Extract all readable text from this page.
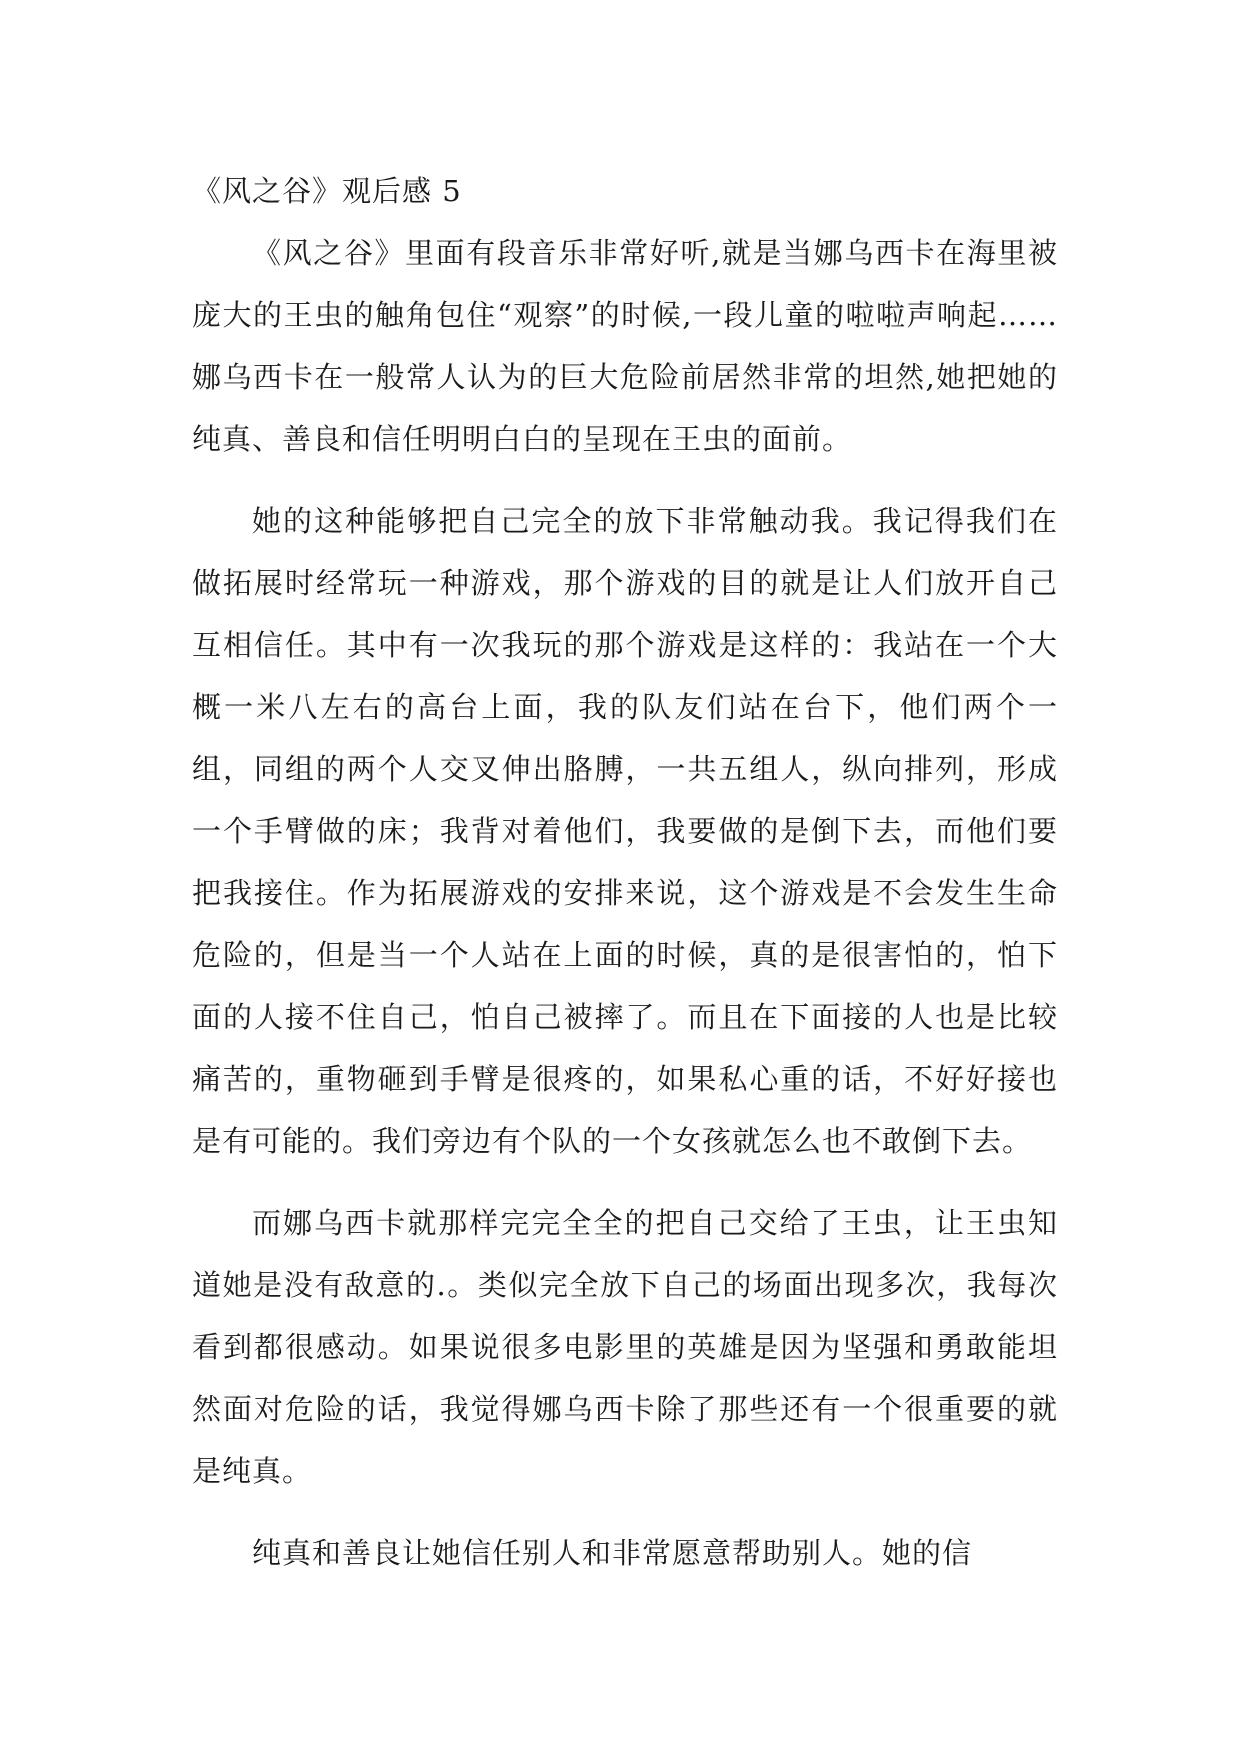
《风之谷》观后感 5

《风之谷》里面有段音乐非常好听,就是当娜乌西卡在海里被庞大的王虫的触角包住“观察”的时候,一段儿童的啦啦声响起……娜乌西卡在一般常人认为的巨大危险前居然非常的坦然,她把她的纯真、善良和信任明明白白的呈现在王虫的面前。

她的这种能够把自己完全的放下非常触动我。我记得我们在做拓展时经常玩一种游戏，那个游戏的目的就是让人们放开自己互相信任。其中有一次我玩的那个游戏是这样的：我站在一个大概一米八左右的高台上面，我的队友们站在台下，他们两个一组，同组的两个人交叉伸出胳膊，一共五组人，纵向排列，形成一个手臂做的床；我背对着他们，我要做的是倒下去，而他们要把我接住。作为拓展游戏的安排来说，这个游戏是不会发生生命危险的，但是当一个人站在上面的时候，真的是很害怕的，怕下面的人接不住自己，怕自己被摔了。而且在下面接的人也是比较痛苦的，重物砸到手臂是很疼的，如果私心重的话，不好好接也是有可能的。我们旁边有个队的一个女孩就怎么也不敢倒下去。

而娜乌西卡就那样完完全全的把自己交给了王虫，让王虫知道她是没有敌意的.。类似完全放下自己的场面出现多次，我每次看到都很感动。如果说很多电影里的英雄是因为坚强和勇敢能坦然面对危险的话，我觉得娜乌西卡除了那些还有一个很重要的就是纯真。

纯真和善良让她信任别人和非常愿意帮助别人。她的信
